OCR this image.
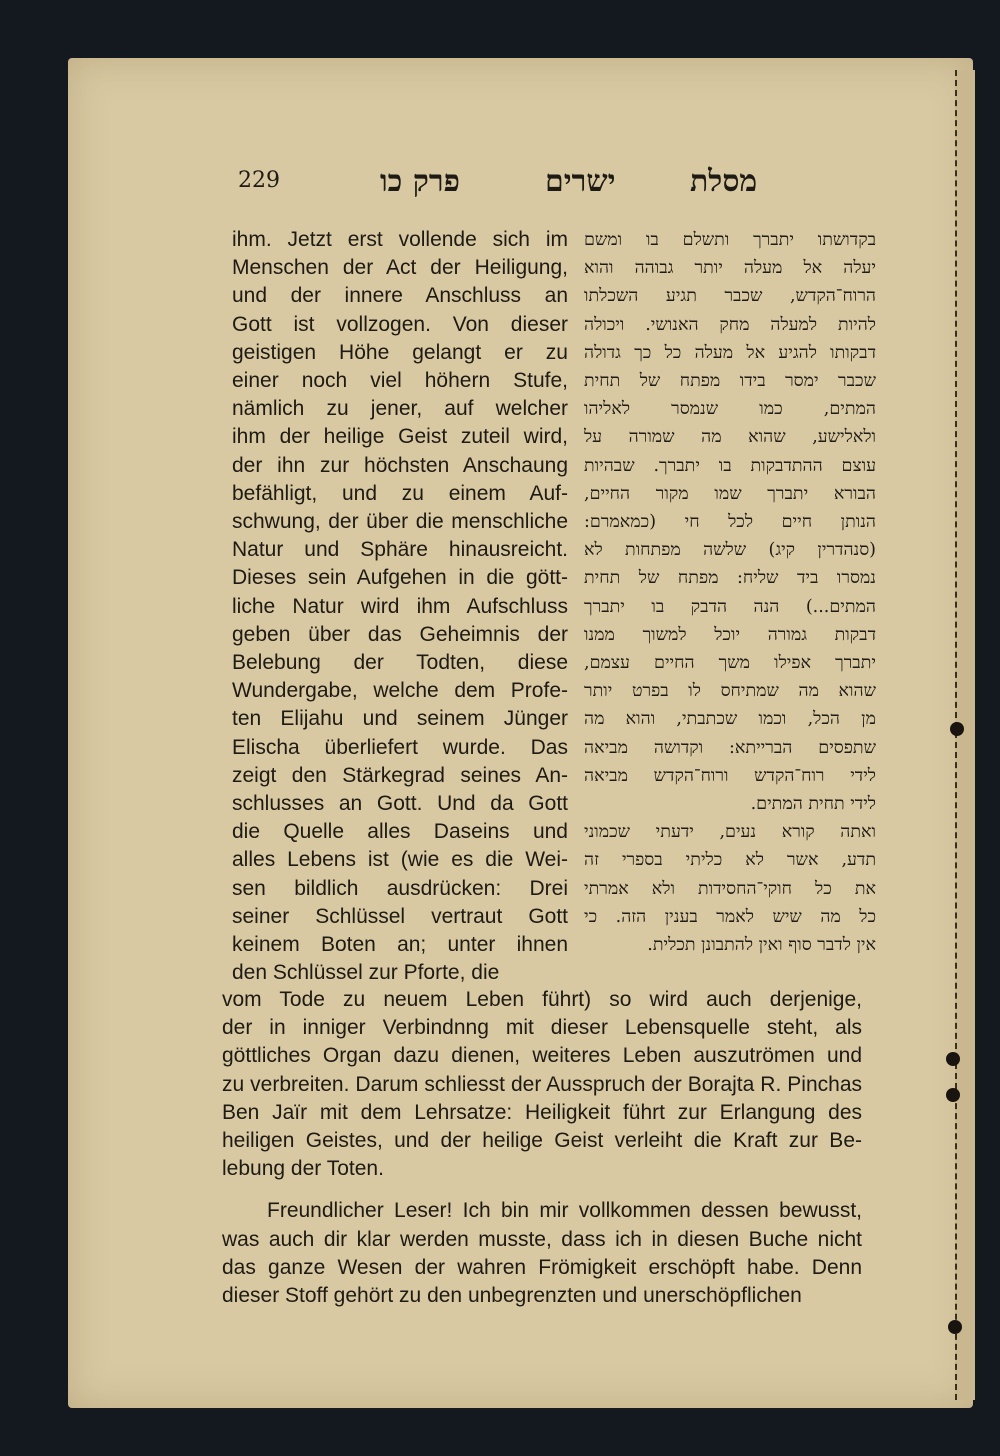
229	פרק כו	ישרים מסלת
ihm. Jetzt erst vollende sich im
Menschen der Act der Heiligung,
und der innere Anschluss an
Gott ist vollzogen. Von dieser
geistigen Höhe gelangt er zu
einer noch viel höhern Stufe,
nämlich zu jener, auf welcher
ihm der heilige Geist zuteil wird,
der ihn zur höchsten Anschaung
befähligt, und zu einem Auf-
schwung, der über die menschliche
Natur und Sphäre hinausreicht.
Dieses sein Aufgehen in die gött-
liche Natur wird ihm Aufschluss
geben über das Geheimnis der
Belebung der Todten, diese
Wundergabe, welche dem Profe-
ten Elijahu und seinem Jünger
Elischa überliefert wurde. Das
zeigt den Stärkegrad seines An-
schlusses an Gott. Und da Gott
die Quelle alles Daseins und
alles Lebens ist (wie es die Wei-
sen bildlich ausdrücken: Drei
seiner Schlüssel vertraut Gott
keinem Boten an; unter ihnen
den Schlüssel zur Pforte, die
בקדושתו יתברך ותשלם בו ומשם
יעלה אל מעלה יותר גבוהה והוא
הרוח־הקדש, שכבר תגיע השכלתו
להיות למעלה מחק האנושי. ויכולה
דבקותו להגיע אל מעלה כל כך גדולה
שכבר ימסר בידו מפתח של תחית
המתים, כמו שנמסר לאליהו
ולאלישע, שהוא מה שמורה על
עוצם ההתדבקות בו יתברך. שבהיות
הבורא יתברך שמו מקור החיים,
הנותן חיים לכל חי (כמאמרם:
(סנהדרין קיג) שלשה מפתחות לא
נמסרו ביד שליח: מפתח של תחית
המתים...) הנה הדבק בו יתברך
דבקות גמורה יוכל למשוך ממנו
יתברך אפילו משך החיים עצמם,
שהוא מה שמתיחס לו בפרט יותר
מן הכל, וכמו שכתבתי, והוא מה
שתפסים הברייתא: וקדושה מביאה
לידי רוח־הקדש ורוח־הקדש מביאה
לידי תחית המתים.
ואתה קורא נעים, ידעתי שכמוני
תדע, אשר לא כליתי בספרי זה
את כל חוקי־החסידות ולא אמרתי
כל מה שיש לאמר בענין הזה. כי
אין לדבר סוף ואין להתבונן תכלית.
vom Tode zu neuem Leben führt) so wird auch derjenige,
der in inniger Verbindnng mit dieser Lebensquelle steht, als
göttliches Organ dazu dienen, weiteres Leben auszutrömen und
zu verbreiten. Darum schliesst der Ausspruch der Borajta R. Pinchas
Ben Jaïr mit dem Lehrsatze: Heiligkeit führt zur Erlangung des
heiligen Geistes, und der heilige Geist verleiht die Kraft zur Be-
lebung der Toten.
Freundlicher Leser! Ich bin mir vollkommen dessen bewusst,
was auch dir klar werden musste, dass ich in diesen Buche nicht
das ganze Wesen der wahren Frömigkeit erschöpft habe. Denn
dieser Stoff gehört zu den unbegrenzten und unerschöpflichen
